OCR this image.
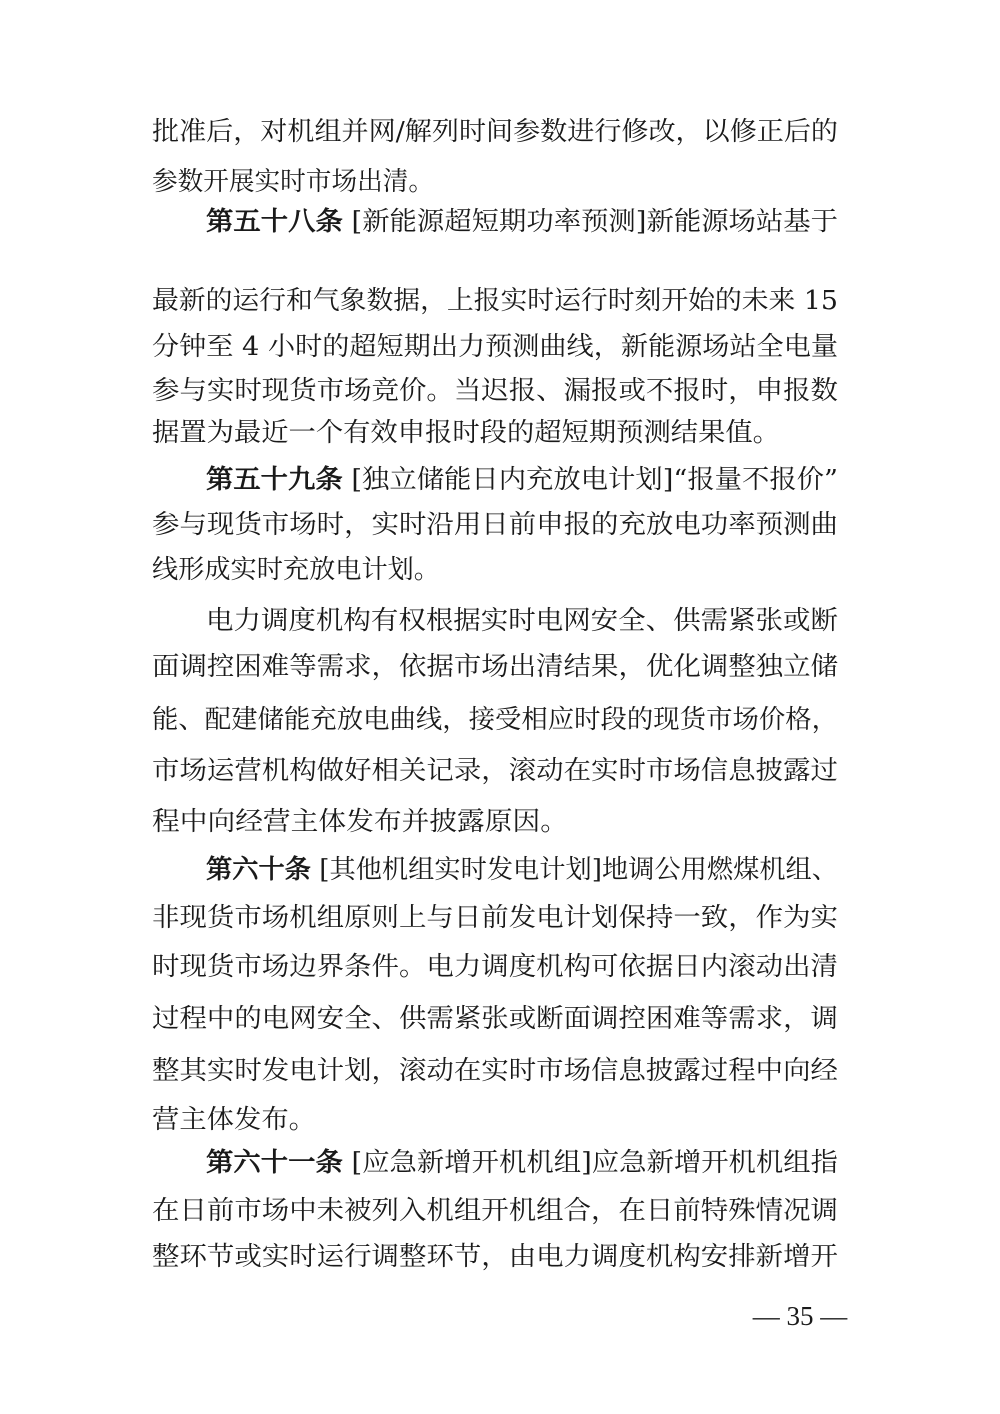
批准后，对机组并网/解列时间参数进行修改，以修正后的
参数开展实时市场出清。
第五十八条 [新能源超短期功率预测]新能源场站基于
最新的运行和气象数据，上报实时运行时刻开始的未来 15
分钟至 4 小时的超短期出力预测曲线，新能源场站全电量
参与实时现货市场竞价。当迟报、漏报或不报时，申报数
据置为最近一个有效申报时段的超短期预测结果值。
第五十九条 [独立储能日内充放电计划]“报量不报价”
参与现货市场时，实时沿用日前申报的充放电功率预测曲
线形成实时充放电计划。
电力调度机构有权根据实时电网安全、供需紧张或断
面调控困难等需求，依据市场出清结果，优化调整独立储
能、配建储能充放电曲线，接受相应时段的现货市场价格，
市场运营机构做好相关记录，滚动在实时市场信息披露过
程中向经营主体发布并披露原因。
第六十条 [其他机组实时发电计划]地调公用燃煤机组、
非现货市场机组原则上与日前发电计划保持一致，作为实
时现货市场边界条件。电力调度机构可依据日内滚动出清
过程中的电网安全、供需紧张或断面调控困难等需求，调
整其实时发电计划，滚动在实时市场信息披露过程中向经
营主体发布。
第六十一条 [应急新增开机机组]应急新增开机机组指
在日前市场中未被列入机组开机组合，在日前特殊情况调
整环节或实时运行调整环节，由电力调度机构安排新增开
— 35 —
